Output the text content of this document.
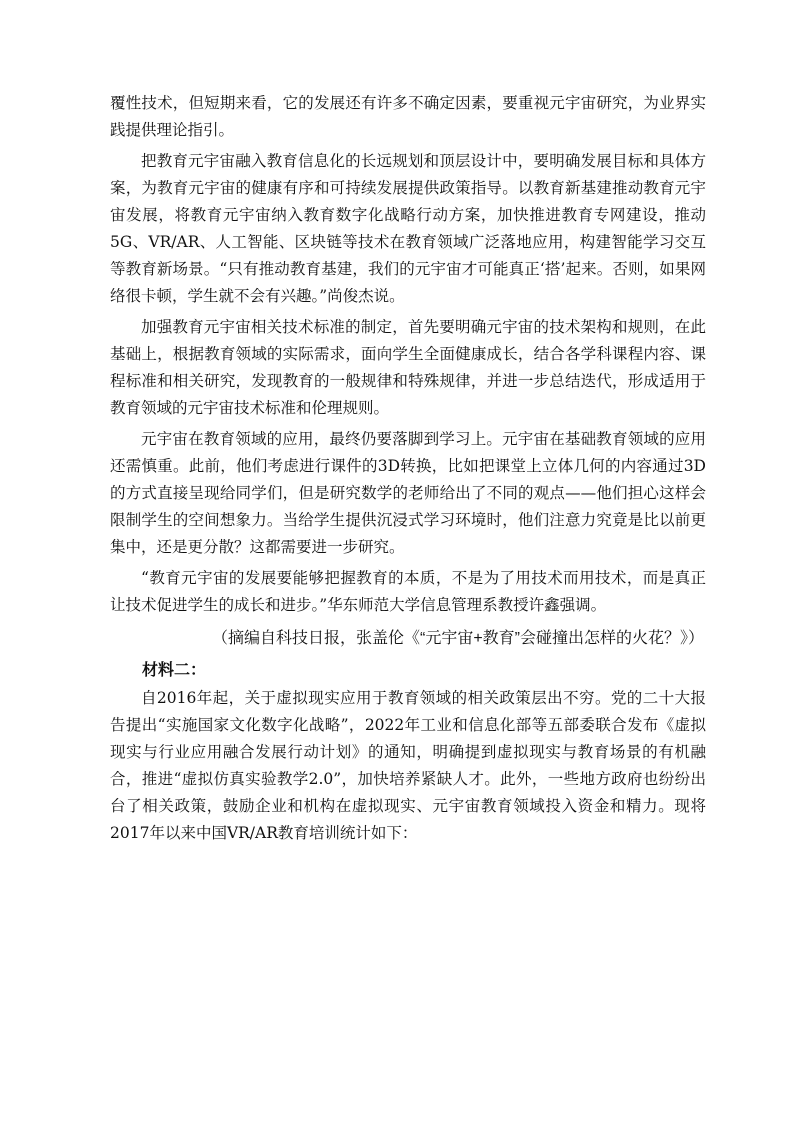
覆性技术，但短期来看，它的发展还有许多不确定因素，要重视元宇宙研究，为业界实践提供理论指引。

把教育元宇宙融入教育信息化的长远规划和顶层设计中，要明确发展目标和具体方案，为教育元宇宙的健康有序和可持续发展提供政策指导。以教育新基建推动教育元宇宙发展，将教育元宇宙纳入教育数字化战略行动方案，加快推进教育专网建设，推动5G、VR/AR、人工智能、区块链等技术在教育领域广泛落地应用，构建智能学习交互等教育新场景。“只有推动教育基建，我们的元宇宙才可能真正‘搭’起来。否则，如果网络很卡顿，学生就不会有兴趣。”尚俊杰说。

加强教育元宇宙相关技术标准的制定，首先要明确元宇宙的技术架构和规则，在此基础上，根据教育领域的实际需求，面向学生全面健康成长，结合各学科课程内容、课程标准和相关研究，发现教育的一般规律和特殊规律，并进一步总结迭代，形成适用于教育领域的元宇宙技术标准和伦理规则。

元宇宙在教育领域的应用，最终仍要落脚到学习上。元宇宙在基础教育领域的应用还需慎重。此前，他们考虑进行课件的3D转换，比如把课堂上立体几何的内容通过3D的方式直接呈现给同学们，但是研究数学的老师给出了不同的观点——他们担心这样会限制学生的空间想象力。当给学生提供沉浸式学习环境时，他们注意力究竟是比以前更集中，还是更分散？这都需要进一步研究。

“教育元宇宙的发展要能够把握教育的本质，不是为了用技术而用技术，而是真正让技术促进学生的成长和进步。”华东师范大学信息管理系教授许鑫强调。

（摘编自科技日报，张盖伦《“元宇宙+教育”会碰撞出怎样的火花？》）

材料二：

自2016年起，关于虚拟现实应用于教育领域的相关政策层出不穷。党的二十大报告提出“实施国家文化数字化战略”，2022年工业和信息化部等五部委联合发布《虚拟现实与行业应用融合发展行动计划》的通知，明确提到虚拟现实与教育场景的有机融合，推进“虚拟仿真实验教学2.0”，加快培养紧缺人才。此外，一些地方政府也纷纷出台了相关政策，鼓励企业和机构在虚拟现实、元宇宙教育领域投入资金和精力。现将2017年以来中国VR/AR教育培训统计如下：
